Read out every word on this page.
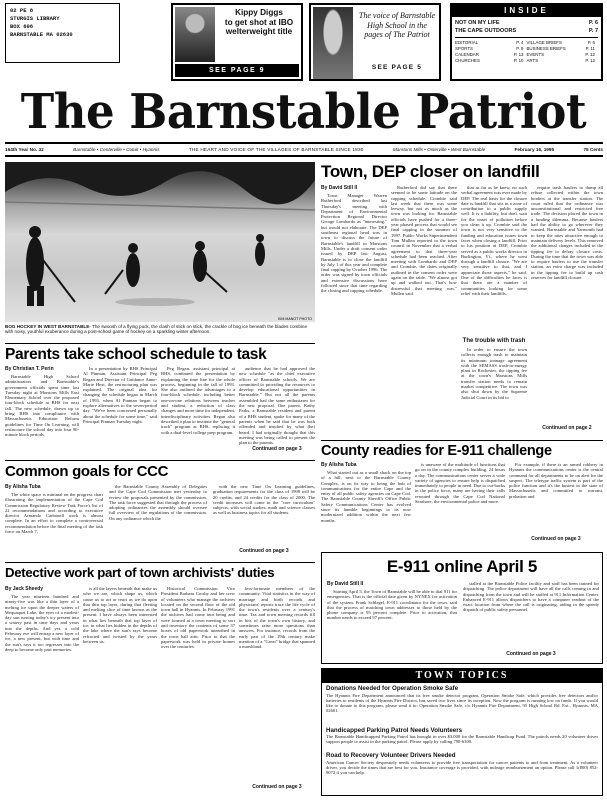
02 PE 8
STURGIS LIBRARY
BOX 606
BARNSTABLE MA 02630
Kippy Diggs
to get shot at IBO
welterweight title
SEE PAGE 9
The voice of Barnstable
High School in the
pages of The Patriot
SEE PAGE 5
INSIDE
NOT ON MY LIFE	P. 6
THE CAPE OUTDOORS	P. 7
EDITORIAL	P. 4 VILLAGE BRIEFS	P. 6
SPORTS	P. 9 BUSINESS BRIEFS	P. 11
CALENDAR	P. 13 EVENTS	P. 12
CHURCHES	P. 10 ARTS	P. 12
The Barnstable Patriot
164th Year No. 32	Barnstable • Centerville • Cotuit • Hyannis	THE HEART AND VOICE OF THE VILLAGES OF BARNSTABLE SINCE 1830	Marstons Mills • Osterville • West Barnstable	February 16, 1995	75 Cents
KIM MANOT PHOTO
BOG HOCKEY IN WEST BARNSTABLE- The swoosh of a flying puck, the clash of stick on stick, the crackle of bog ice beneath the blades combine with noisy, youthful exuberance during a post-school game of hockey on a sparkling winter afternoon.
Town, DEP closer on landfill
By David Still II

Town Manager Warren Rutherford described last Thursday's meeting with Department of Environmental Protection Regional Director George Lombardo as "interesting," but would not elaborate. The DEP southeast regional head was in town to discuss the future of Barnstable's landfill in Marstons Mills. Under a draft consent order issued by DEP last August, Barnstable is to close the landfill by July 1 of this year and complete final capping by October 1996. The order was signed by town officials and extensive discussions have followed since that time regarding the closing and capping schedule.

Rutherford did say that there seemed to be some latitude on the capping schedule. Crombie said last week that there was some leeway, but not as much as the town was looking for. Barnstable officials have pushed for a three-year phased process that would see final capping in the summer of 1997. Public Works Superintendent Tom Mullen reported to the town council in November that a verbal agreement to that three-year schedule had been reached. After meeting with Lombardo and DEP and Crombie, the dates originally outlined in the consent order were again on the table. "We almost got up and walked out. That's how distressful that meeting was," Mullen said.

that as far as he knew, no such verbal agreement was ever made by DEP. The real basis for the closure date is landfill that sits in a zone of contribution to a public supply well. It is a liability, but don't wait for the onset of pollution before you clean it up. Crombie said the town is not very sensitive to the funding and education issues town faces when closing a landfill. Prior to his position at DEP, Crombie served as a public works director in Burlington, Vt., where he went through a landfill closure. "We are very sensitive to that, and I appreciate those aspects," he said. One of the difficulties he faces is that there are a number of communities looking for some relief with their landfills.

The trouble with trash

In order to ensure the town collects enough trash to maintain its minimum tonnage agreement with the SEMASS trash-to-energy plant in Rochester, the tipping fee at the town's Marstons Mills transfer station needs to remain market competitive. The town was also shut down by the Supreme Judicial Court in its bid to

require trash haulers to dump all refuse collected within the town borders at the transfer station. The court ruled that the ordinance was unconstitutional and restricted free trade. The decision placed the town in a funding dilemma. Because haulers had the ability to go wherever they wanted, Barnstable and Yarmouth had to keep the rates attractive enough to maintain delivery levels. This removed the additional charges included in the tipping fee to defray closure costs. During the time that the town was able to require haulers to use the transfer station, an extra charge was included in the tipping fee to build up cash reserves for landfill closure.

Continued on page 2
Parents take school schedule to task
By Christian T. Perin

Barnstable High School administrators and Barnstable's government officials spent time last Tuesday night at Marstons Mills East Elementary School over the proposed four-block schedule at BHS for next fall. The new schedule, drawn up to bring BHS into compliance with Massachusetts Education Reform guidelines for Time On Learning, will restructure the school day into four 90-minute block periods.

In a presentation by BHS Principal Al Pinman, Assistant Principal Peg Regan and Director of Guidance Anne-Marie Hext, the restructuring plan was explained. The original idea for changing the schedule began in March of 1993, when Al Pinman began to explore alternatives to the seven-period day. "We've been concerned personally about the schedule for some time," said Principal Pinman Tuesday night.

Peg Regan, assistant principal at BHS, continued the presentation by explaining the time line for the whole process, beginning in the fall of 1993. She also outlined the advantages to a four-block schedule, including better one-on-one relations between teacher and student, a reduction of class changes and more time for independent, interdisciplinary activities. Regan also described a plan to institute the "general track" program at BHS, replacing it with a dual-level college prep program.

audience that he had approved the new schedule "as the chief executive officer of Barnstable schools. We are committed to providing the resources to develop educational opportunities in Barnstable." But not all the parents assembled had the same enthusiasm for the new proposal. One parent, Kathy Parks, a Barnstable resident and parent of a BHS student, spoke for many of the parents when he said that he was both offended and insulted by what (he) heard. I had originally thought that this meeting was being called to present the plan to the parents.

Continued on page 3	County readies for E-911 challenge
By Alisha Tuba

What started out as a small shack on the top of a hill, next to the Barnstable County Complex, is on its way to being the hub of communications for the entire Cape and the entry of all public safety agencies on Cape Cod. The Barnstable County Sheriff's Office Public Safety Communications Center has evolved since its humble beginnings to its now modernized addition within the next few months.

is unaware of the multitude of functions that go on in the county complex building, 24 hours a day. The communications center serves a wide variety of agencies to ensure help is dispatched immediately to people in need. Due to cut-backs in the police force, many are having their calls rerouted through the Cape Cod National Seashore, the environmental police and more.

For example, if there is an armed robbery in Hyannis the communications center is the central command for all departments to be on alert for the suspect. The teletype traffic system is part of the police function and it's the busiest in the state of Massachusetts and committed to warrant, probation and

Continued on page 3
Common goals for CCC
By Alisha Tuba

The white space is minimal on the progress chart illustrating the implementation of the Cape Cod Commission Regulatory Review Task Force's list of 22 recommendations and according to executive director Armando Carbonell work is almost complete. In an effort to complete a controversial recommendation before the final meeting of the task force on March 7,

the Barnstable County Assembly of Delegates and the Cape Cod Commission met yesterday to review the proposals presented by the commission. The task force suggested that through the process of adopting ordinances the assembly should oversee full overview of the regulations of the commission. On any ordinance which the

with the new Time On Learning guidelines, graduation requirements for the class of 1998 will be 20 credits, and 24 credits for the class of 2000. The credit increases will come in the "core curriculum" subjects, with social studies, math and science classes as well as business topics for all students.

Continued on page 3
E-911 online April 5
By David Still II

Starting April 5, the Town of Barnstable will be able to dial 911 for emergencies. That is the official date given by NYNEX for activation of the system, Frank Schlegel, E-911 coordinator for the town, said that the process of matching town addresses to those held by the phone company is 95 percent complete. Prior to activation, that number needs to exceed 97 percent.

stalled at the Barnstable Police facility and staff has been trained for dispatching. The police department will have all the calls coming in and dispatching from the town and will be staffed at 911 Information Center. Enhanced E-911 allows dispatchers to have a computer readout of the exact location from where the call is originating, aiding in the speedy dispatch of public safety personnel.

Continued on page 3
Detective work part of town archivists' duties
By Jack Sheedy

The year nineteen hundred and ninety-five was like a thin layer of a melting ice upon the deeper waters of Wequaquet Lake, the eyes of a modest-day sun turning today's icy present into a watery past in time days and years into the depths. And yet, a cold February eve will entrap a new layer of ice, a new present, but with time and the sun's rays it too regresses into the deep to become only past memories.

is all the layers beneath that make us who we are, which shape us, which cause us to act or react as we do upon that thin top layer, during that fleeting and melting slice of time known as the present. I have always been interested in what lies beneath that top layer of ice, in what lies hidden in the depths of the lake where the sun's rays become refracted and twisted by the years between us.

Historical Commission Vice President Barbara Crosby and her crew of volunteers who manage the archives located on the second floor of the old town hall in Hyannis. In February 1991 the archives had come into being and were formed at a town meeting to sort and inventory the contents of some 37 boxes of old paperwork unearthed in the town hall attic. Prior to that the paperwork was held in private homes over the centuries.

less-fortunate members of the community. Vital statistics in the way of marriage and birth records and physicians' reports trace the life cycle of the town's residents over a century's time. Tax and town meeting records fill in bits of the town's own history, and sometimes raise more questions than answers. For instance, records from the early part of the 19th century make mention of a "Great" bridge that spanned a marshland.

Continued on page 3
TOWN TOPICS
Donations Needed for Operation Smoke Safe
The Hyannis Fire Department announced that its free smoke detector program, Operation Smoke Safe, which provides free detectors and/or batteries to residents of the Hyannis Fire District, has saved two lives since its inception. Now the program is running low on funds. If you would like to donate to this program, please send it to: Operation Smoke Safe, c/o Hyannis Fire Department, 95 High School Rd. Ext., Hyannis, MA 02601.
Handicapped Parking Patrol Needs Volunteers
The Barnstable Handicapped Parking Patrol has brought in over $3,000 for the Barnstable Handicap Fund. The patrols needs 20 volunteer driver support people to assist in the parking patrol. Please apply by calling 790-6300.
Road to Recovery Volunteer Drivers Needed
American Cancer Society desperately needs volunteers to provide free transportation for cancer patients to and from treatment. As a volunteer driver, you decide the times that are best for you. Insurance coverage is provided, with mileage reimbursement an option. Please call 1(800) 852-9072 if you can help.
